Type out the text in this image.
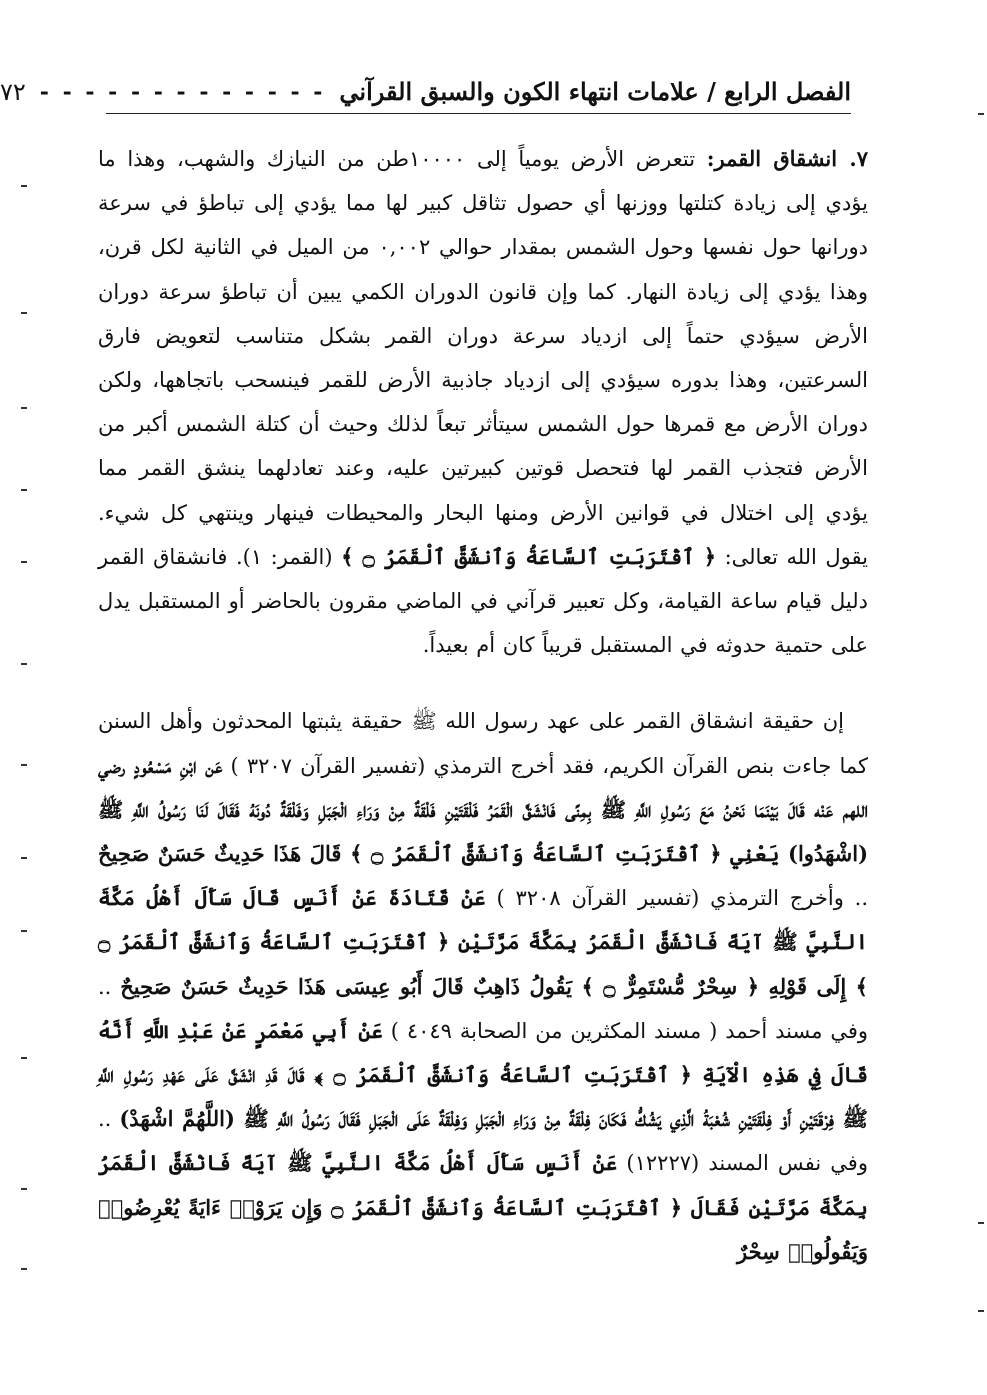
الفصل الرابع / علامات انتهاء الكون والسبق القرآني
- - - - - - - - - - - - -
٧٢

٧. انشقاق القمر: تتعرض الأرض يومياً إلى ١٠٠٠٠طن من النيازك والشهب، وهذا ما يؤدي إلى زيادة كتلتها ووزنها أي حصول تثاقل كبير لها مما يؤدي إلى تباطؤ في سرعة دورانها حول نفسها وحول الشمس بمقدار حوالي ٠,٠٠٢ من الميل في الثانية لكل قرن، وهذا يؤدي إلى زيادة النهار. كما وإن قانون الدوران الكمي يبين أن تباطؤ سرعة دوران الأرض سيؤدي حتماً إلى ازدياد سرعة دوران القمر بشكل متناسب لتعويض فارق السرعتين، وهذا بدوره سيؤدي إلى ازدياد جاذبية الأرض للقمر فينسحب باتجاهها، ولكن دوران الأرض مع قمرها حول الشمس سيتأثر تبعاً لذلك وحيث أن كتلة الشمس أكبر من الأرض فتجذب القمر لها فتحصل قوتين كبيرتين عليه، وعند تعادلهما ينشق القمر مما يؤدي إلى اختلال في قوانين الأرض ومنها البحار والمحيطات فينهار وينتهي كل شيء. يقول الله تعالى: ﴿ ٱقْتَرَبَتِ ٱلسَّاعَةُ وَٱنشَقَّ ٱلْقَمَرُ ۝ ﴾ (القمر: ١). فانشقاق القمر دليل قيام ساعة القيامة، وكل تعبير قرآني في الماضي مقرون بالحاضر أو المستقبل يدل على حتمية حدوثه في المستقبل قريباً كان أم بعيداً.

إن حقيقة انشقاق القمر على عهد رسول الله ﷺ حقيقة يثبتها المحدثون وأهل السنن كما جاءت بنص القرآن الكريم، فقد أخرج الترمذي (تفسير القرآن ٣٢٠٧ ) عَن ابْنِ مَسْعُودٍ رضي اللهم عَنْه قَالَ بَيْنَمَا نَحْنُ مَعَ رَسُولِ اللَّهِ ﷺ بِمِنًى فَانْشَقَّ الْقَمَرُ فَلْقَتَيْنِ فَلْقَةٌ مِنْ وَرَاءِ الْجَبَلِ وَفَلْقَةٌ دُونَهُ فَقَالَ لَنَا رَسُولُ اللَّهِ ﷺ (اشْهَدُوا) يَعْنِي ﴿ ٱقْتَرَبَتِ ٱلسَّاعَةُ وَٱنشَقَّ ٱلْقَمَرُ ۝ ﴾ قَالَ هَذَا حَدِيثٌ حَسَنٌ صَحِيحٌ .. وأخرج الترمذي (تفسير القرآن ٣٢٠٨ ) عَنْ قَتَادَةَ عَنْ أَنَسٍ قَالَ سَأَلَ أَهْلُ مَكَّةَ النَّبِيَّ ﷺ آيَةً فَانْشَقَّ الْقَمَرُ بِمَكَّةَ مَرَّتَيْنِ ﴿ ٱقْتَرَبَتِ ٱلسَّاعَةُ وَٱنشَقَّ ٱلْقَمَرُ ۝ ﴾ إِلَى قَوْلِهِ ﴿ سِحْرٌ مُّسْتَمِرٌّ ۝ ﴾ يَقُولُ ذَاهِبٌ قَالَ أَبُو عِيسَى هَذَا حَدِيثٌ حَسَنٌ صَحِيحٌ .. وفي مسند أحمد ( مسند المكثرين من الصحابة ٤٠٤٩ ) عَنْ أَبِي مَعْمَرٍ عَنْ عَبْدِ اللَّهِ أَنَّهُ قَالَ فِي هَذِهِ الْآيَةِ ﴿ ٱقْتَرَبَتِ ٱلسَّاعَةُ وَٱنشَقَّ ٱلْقَمَرُ ۝ ﴾ قَالَ قَدِ انْشَقَّ عَلَى عَهْدِ رَسُولِ اللَّهِ ﷺ فِرْقَتَيْنِ أَوْ فِلْقَتَيْنِ شُعْبَةُ الَّذِي يَشُكُّ فَكَانَ فِلْقَةٌ مِنْ وَرَاءِ الْجَبَلِ وَفِلْقَةٌ عَلَى الْجَبَلِ فَقَالَ رَسُولُ اللَّهِ ﷺ (اللَّهُمَّ اشْهَدْ) .. وفي نفس المسند (١٢٢٢٧) عَنْ أَنَسٍ سَأَلَ أَهْلُ مَكَّةَ النَّبِيَّ ﷺ آيَةً فَانْشَقَّ الْقَمَرُ بِمَكَّةَ مَرَّتَيْنِ فَقَالَ ﴿ ٱقْتَرَبَتِ ٱلسَّاعَةُ وَٱنشَقَّ ٱلْقَمَرُ ۝ وَإِن يَرَوْا۟ ءَايَةً يُعْرِضُوا۟ وَيَقُولُوا۟ سِحْرٌ
